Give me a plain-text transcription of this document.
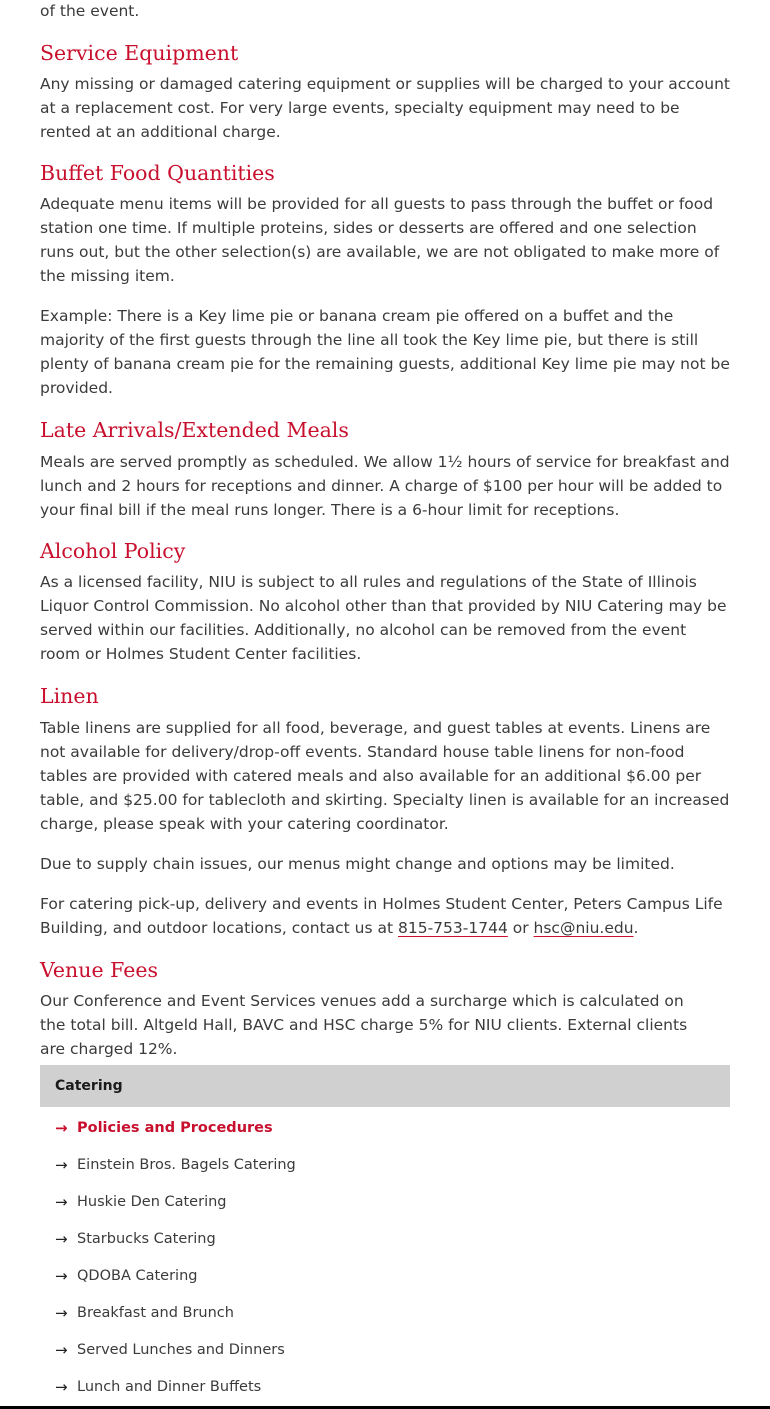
of the event.

Service Equipment

Any missing or damaged catering equipment or supplies will be charged to your account at a replacement cost. For very large events, specialty equipment may need to be rented at an additional charge.

Buffet Food Quantities

Adequate menu items will be provided for all guests to pass through the buffet or food station one time. If multiple proteins, sides or desserts are offered and one selection runs out, but the other selection(s) are available, we are not obligated to make more of the missing item.

Example: There is a Key lime pie or banana cream pie offered on a buffet and the majority of the first guests through the line all took the Key lime pie, but there is still plenty of banana cream pie for the remaining guests, additional Key lime pie may not be provided.

Late Arrivals/Extended Meals

Meals are served promptly as scheduled. We allow 1½ hours of service for breakfast and lunch and 2 hours for receptions and dinner. A charge of $100 per hour will be added to your final bill if the meal runs longer. There is a 6-hour limit for receptions.

Alcohol Policy

As a licensed facility, NIU is subject to all rules and regulations of the State of Illinois Liquor Control Commission. No alcohol other than that provided by NIU Catering may be served within our facilities. Additionally, no alcohol can be removed from the event room or Holmes Student Center facilities.

Linen

Table linens are supplied for all food, beverage, and guest tables at events. Linens are not available for delivery/drop-off events. Standard house table linens for non-food tables are provided with catered meals and also available for an additional $6.00 per table, and $25.00 for tablecloth and skirting. Specialty linen is available for an increased charge, please speak with your catering coordinator.

Due to supply chain issues, our menus might change and options may be limited.

For catering pick-up, delivery and events in Holmes Student Center, Peters Campus Life Building, and outdoor locations, contact us at 815-753-1744 or hsc@niu.edu.

Venue Fees

Our Conference and Event Services venues add a surcharge which is calculated on the total bill. Altgeld Hall, BAVC and HSC charge 5% for NIU clients. External clients are charged 12%.

Catering
→ Policies and Procedures
→ Einstein Bros. Bagels Catering
→ Huskie Den Catering
→ Starbucks Catering
→ QDOBA Catering
→ Breakfast and Brunch
→ Served Lunches and Dinners
→ Lunch and Dinner Buffets
